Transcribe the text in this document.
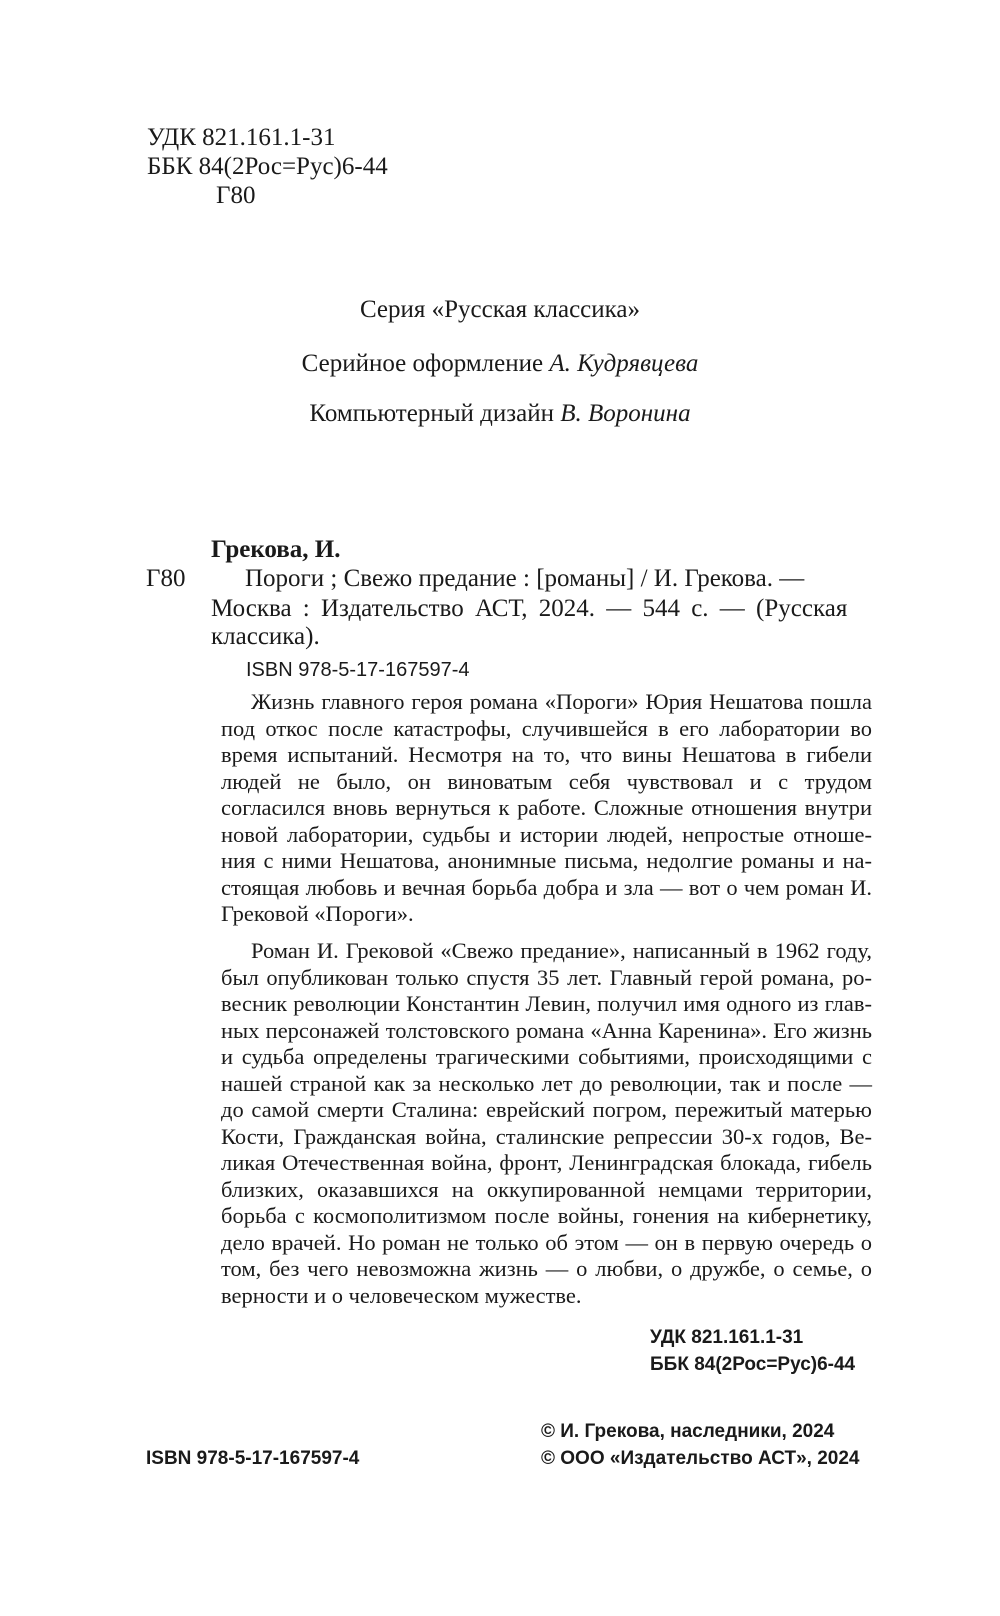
УДК 821.161.1-31
ББК 84(2Рос=Рус)6-44
Г80
Серия «Русская классика»
Серийное оформление А. Кудрявцева
Компьютерный дизайн В. Воронина
Грекова, И.
Г80 Пороги ; Свежо предание : [романы] / И. Грекова. —
Москва : Издательство АСТ, 2024. — 544 с. — (Русская
классика).
ISBN 978-5-17-167597-4
Жизнь главного героя романа «Пороги» Юрия Нешатова пошла под откос после катастрофы, случившейся в его лаборатории во время испытаний. Несмотря на то, что вины Нешатова в гибели людей не было, он виноватым себя чувствовал и с трудом согласился вновь вернуться к работе. Сложные отношения внутри новой лаборатории, судьбы и истории людей, непростые отношения с ними Нешатова, анонимные письма, недолгие романы и настоящая любовь и вечная борьба добра и зла — вот о чем роман И. Грековой «Пороги».
Роман И. Грековой «Свежо предание», написанный в 1962 году, был опубликован только спустя 35 лет. Главный герой романа, ровесник революции Константин Левин, получил имя одного из главных персонажей толстовского романа «Анна Каренина». Его жизнь и судьба определены трагическими событиями, происходящими с нашей страной как за несколько лет до революции, так и после — до самой смерти Сталина: еврейский погром, пережитый матерью Кости, Гражданская война, сталинские репрессии 30-х годов, Великая Отечественная война, фронт, Ленинградская блокада, гибель близких, оказавшихся на оккупированной немцами территории, борьба с космополитизмом после войны, гонения на кибернетику, дело врачей. Но роман не только об этом — он в первую очередь о том, без чего невозможна жизнь — о любви, о дружбе, о семье, о верности и о человеческом мужестве.
УДК 821.161.1-31
ББК 84(2Рос=Рус)6-44
© И. Грекова, наследники, 2024
© ООО «Издательство АСТ», 2024
ISBN 978-5-17-167597-4
